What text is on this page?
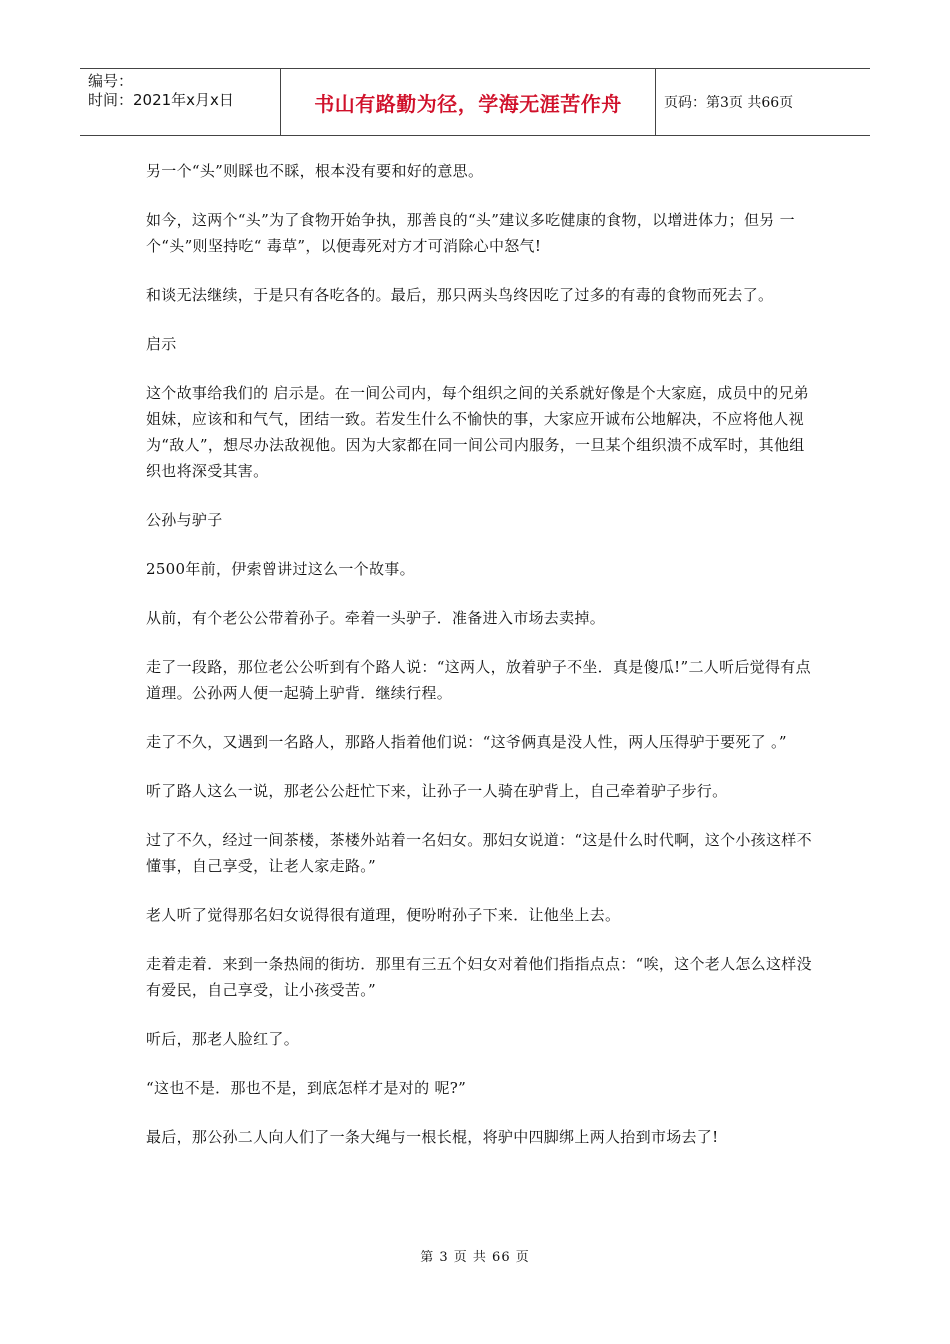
编号：
时间：2021年x月x日	书山有路勤为径，学海无涯苦作舟	页码：第3页 共66页

另一个“头”则睬也不睬，根本没有要和好的意思。

如今，这两个“头”为了食物开始争执，那善良的“头”建议多吃健康的食物，以增进体力；但另 一个“头”则坚持吃“ 毒草”，以便毒死对方才可消除心中怒气!

和谈无法继续，于是只有各吃各的。最后，那只两头鸟终因吃了过多的有毒的食物而死去了。

启示

这个故事给我们的 启示是。在一间公司内，每个组织之间的关系就好像是个大家庭，成员中的兄弟姐妹，应该和和气气，团结一致。若发生什么不愉快的事，大家应开诚布公地解决，不应将他人视为“敌人”，想尽办法敌视他。因为大家都在同一间公司内服务，一旦某个组织溃不成军时，其他组织也将深受其害。

公孙与驴子

2500年前，伊索曾讲过这么一个故事。

从前，有个老公公带着孙子。牵着一头驴子．准备进入市场去卖掉。

走了一段路，那位老公公听到有个路人说：“这两人，放着驴子不坐．真是傻瓜!”二人听后觉得有点道理。公孙两人便一起骑上驴背．继续行程。

走了不久，又遇到一名路人，那路人指着他们说：“这爷俩真是没人性，两人压得驴于要死了 。”

听了路人这么一说，那老公公赶忙下来，让孙子一人骑在驴背上，自己牵着驴子步行。

过了不久，经过一间茶楼，茶楼外站着一名妇女。那妇女说道：“这是什么时代啊，这个小孩这样不懂事，自己享受，让老人家走路。”

老人听了觉得那名妇女说得很有道理，便吩咐孙子下来．让他坐上去。

走着走着．来到一条热闹的街坊．那里有三五个妇女对着他们指指点点：“唉，这个老人怎么这样没有爱民，自己享受，让小孩受苦。”

听后，那老人脸红了。

“这也不是．那也不是，到底怎样才是对的 呢?”

最后，那公孙二人向人们了一条大绳与一根长棍，将驴中四脚绑上两人抬到市场去了!

第 3 页 共 66 页
